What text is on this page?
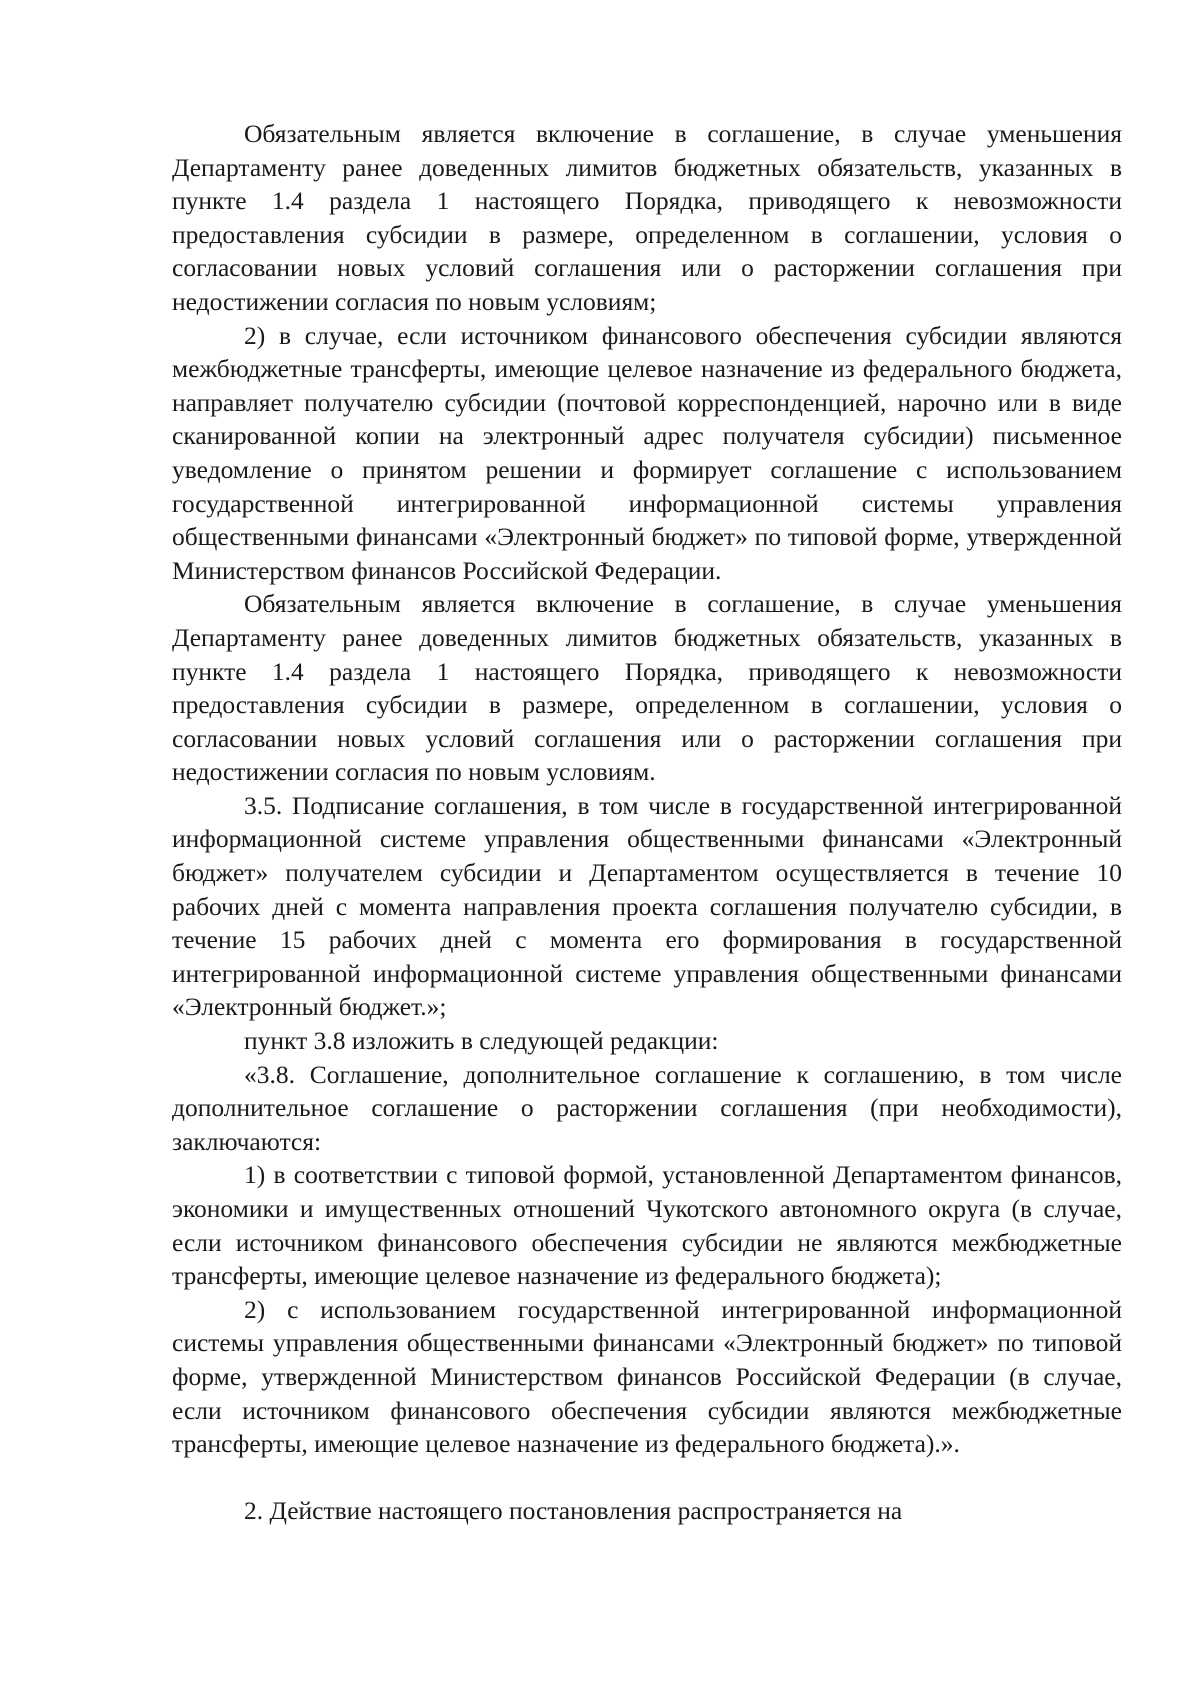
Обязательным является включение в соглашение, в случае уменьшения Департаменту ранее доведенных лимитов бюджетных обязательств, указанных в пункте 1.4 раздела 1 настоящего Порядка, приводящего к невозможности предоставления субсидии в размере, определенном в соглашении, условия о согласовании новых условий соглашения или о расторжении соглашения при недостижении согласия по новым условиям;

2) в случае, если источником финансового обеспечения субсидии являются межбюджетные трансферты, имеющие целевое назначение из федерального бюджета, направляет получателю субсидии (почтовой корреспонденцией, нарочно или в виде сканированной копии на электронный адрес получателя субсидии) письменное уведомление о принятом решении и формирует соглашение с использованием государственной интегрированной информационной системы управления общественными финансами «Электронный бюджет» по типовой форме, утвержденной Министерством финансов Российской Федерации.

Обязательным является включение в соглашение, в случае уменьшения Департаменту ранее доведенных лимитов бюджетных обязательств, указанных в пункте 1.4 раздела 1 настоящего Порядка, приводящего к невозможности предоставления субсидии в размере, определенном в соглашении, условия о согласовании новых условий соглашения или о расторжении соглашения при недостижении согласия по новым условиям.

3.5. Подписание соглашения, в том числе в государственной интегрированной информационной системе управления общественными финансами «Электронный бюджет» получателем субсидии и Департаментом осуществляется в течение 10 рабочих дней с момента направления проекта соглашения получателю субсидии, в течение 15 рабочих дней с момента его формирования в государственной интегрированной информационной системе управления общественными финансами «Электронный бюджет.»;

пункт 3.8 изложить в следующей редакции:

«3.8. Соглашение, дополнительное соглашение к соглашению, в том числе дополнительное соглашение о расторжении соглашения (при необходимости), заключаются:

1) в соответствии с типовой формой, установленной Департаментом финансов, экономики и имущественных отношений Чукотского автономного округа (в случае, если источником финансового обеспечения субсидии не являются межбюджетные трансферты, имеющие целевое назначение из федерального бюджета);

2) с использованием государственной интегрированной информационной системы управления общественными финансами «Электронный бюджет» по типовой форме, утвержденной Министерством финансов Российской Федерации (в случае, если источником финансового обеспечения субсидии являются межбюджетные трансферты, имеющие целевое назначение из федерального бюджета).».

2. Действие настоящего постановления распространяется на
